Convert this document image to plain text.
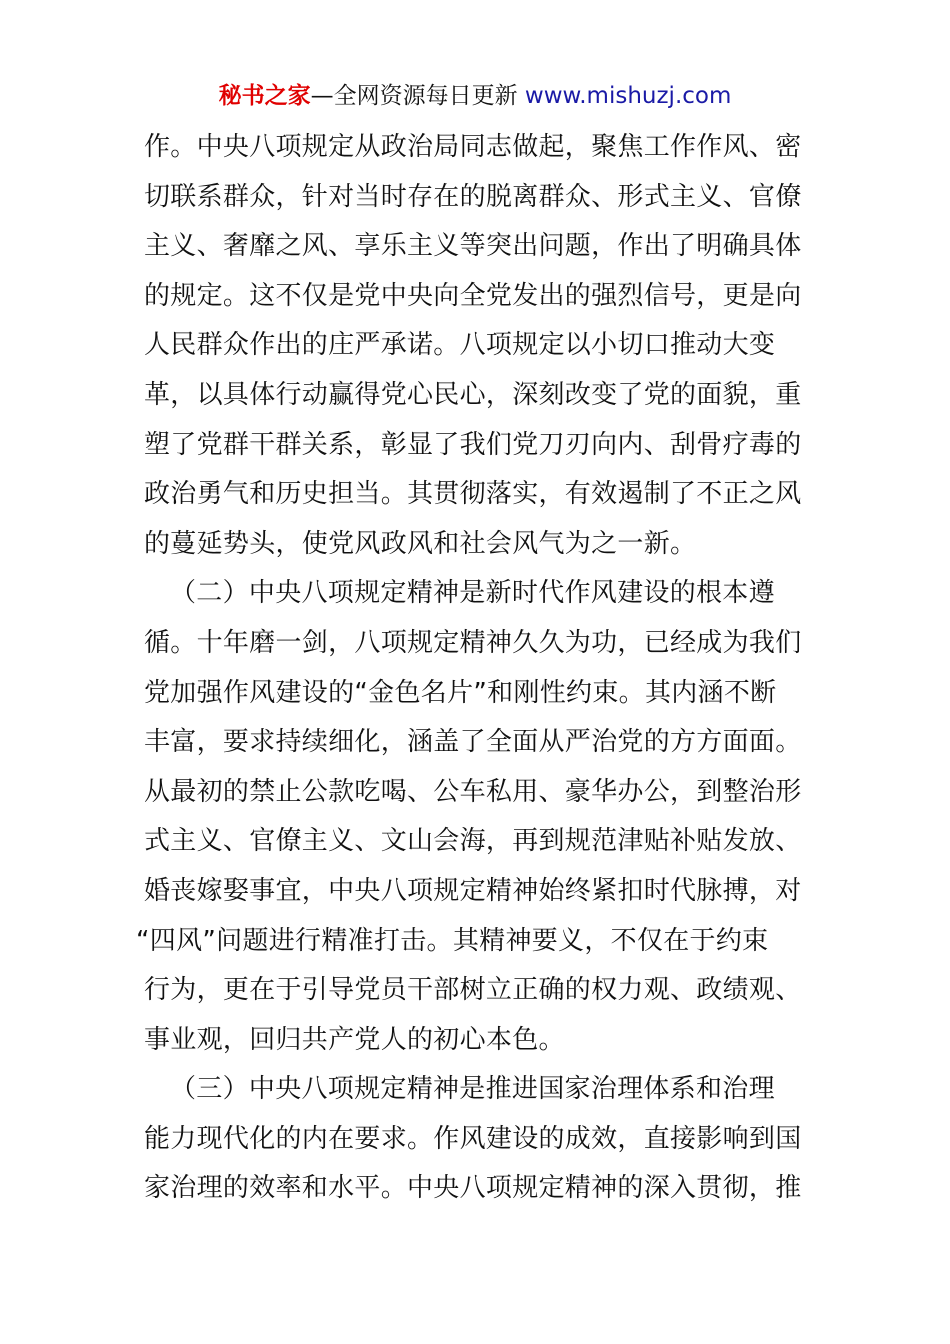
秘书之家—全网资源每日更新 www.mishuzj.com
作。中央八项规定从政治局同志做起，聚焦工作作风、密
切联系群众，针对当时存在的脱离群众、形式主义、官僚
主义、奢靡之风、享乐主义等突出问题，作出了明确具体
的规定。这不仅是党中央向全党发出的强烈信号，更是向
人民群众作出的庄严承诺。八项规定以小切口推动大变
革，以具体行动赢得党心民心，深刻改变了党的面貌，重
塑了党群干群关系，彰显了我们党刀刃向内、刮骨疗毒的
政治勇气和历史担当。其贯彻落实，有效遏制了不正之风
的蔓延势头，使党风政风和社会风气为之一新。
（二）中央八项规定精神是新时代作风建设的根本遵
循。十年磨一剑，八项规定精神久久为功，已经成为我们
党加强作风建设的“金色名片”和刚性约束。其内涵不断
丰富，要求持续细化，涵盖了全面从严治党的方方面面。
从最初的禁止公款吃喝、公车私用、豪华办公，到整治形
式主义、官僚主义、文山会海，再到规范津贴补贴发放、
婚丧嫁娶事宜，中央八项规定精神始终紧扣时代脉搏，对
“四风”问题进行精准打击。其精神要义，不仅在于约束
行为，更在于引导党员干部树立正确的权力观、政绩观、
事业观，回归共产党人的初心本色。
（三）中央八项规定精神是推进国家治理体系和治理
能力现代化的内在要求。作风建设的成效，直接影响到国
家治理的效率和水平。中央八项规定精神的深入贯彻，推
